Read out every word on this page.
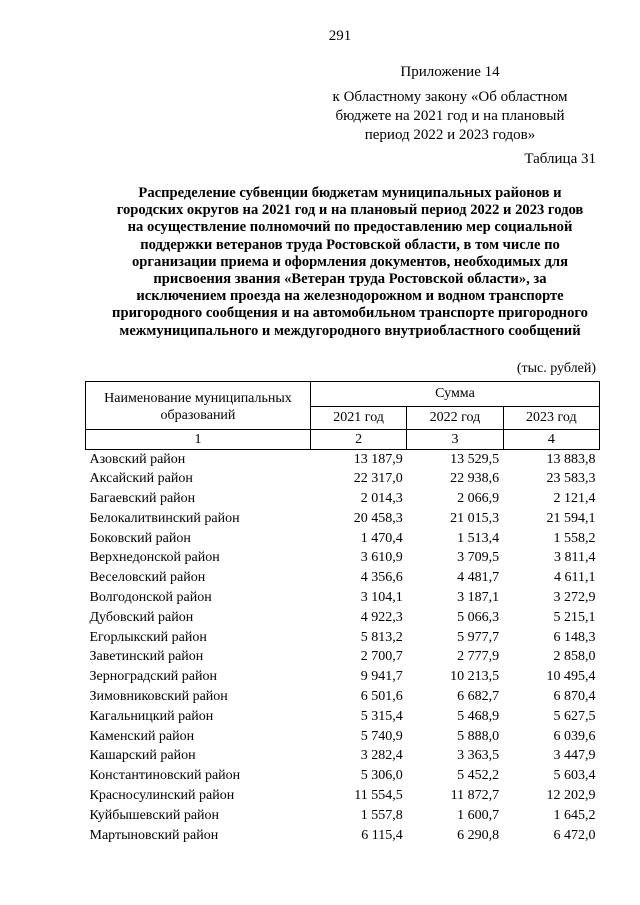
291
Приложение 14
к Областному закону «Об областном
бюджете на 2021 год и на плановый
период 2022 и 2023 годов»
Таблица 31
Распределение субвенции бюджетам муниципальных районов и
городских округов на 2021 год и на плановый период 2022 и 2023 годов
на осуществление полномочий по предоставлению мер социальной
поддержки ветеранов труда Ростовской области, в том числе по
организации приема и оформления документов, необходимых для
присвоения звания «Ветеран труда Ростовской области», за
исключением проезда на железнодорожном и водном транспорте
пригородного сообщения и на автомобильном транспорте пригородного
межмуниципального и междугородного внутриобластного сообщений
(тыс. рублей)
Наименование муниципальных образований	Сумма		
	2021 год	2022 год	2023 год
1	2	3	4
Азовский район	13 187,9	13 529,5	13 883,8
Аксайский район	22 317,0	22 938,6	23 583,3
Багаевский район	2 014,3	2 066,9	2 121,4
Белокалитвинский район	20 458,3	21 015,3	21 594,1
Боковский район	1 470,4	1 513,4	1 558,2
Верхнедонской район	3 610,9	3 709,5	3 811,4
Веселовский район	4 356,6	4 481,7	4 611,1
Волгодонской район	3 104,1	3 187,1	3 272,9
Дубовский район	4 922,3	5 066,3	5 215,1
Егорлыкский район	5 813,2	5 977,7	6 148,3
Заветинский район	2 700,7	2 777,9	2 858,0
Зерноградский район	9 941,7	10 213,5	10 495,4
Зимовниковский район	6 501,6	6 682,7	6 870,4
Кагальницкий район	5 315,4	5 468,9	5 627,5
Каменский район	5 740,9	5 888,0	6 039,6
Кашарский район	3 282,4	3 363,5	3 447,9
Константиновский район	5 306,0	5 452,2	5 603,4
Красносулинский район	11 554,5	11 872,7	12 202,9
Куйбышевский район	1 557,8	1 600,7	1 645,2
Мартыновский район	6 115,4	6 290,8	6 472,0
